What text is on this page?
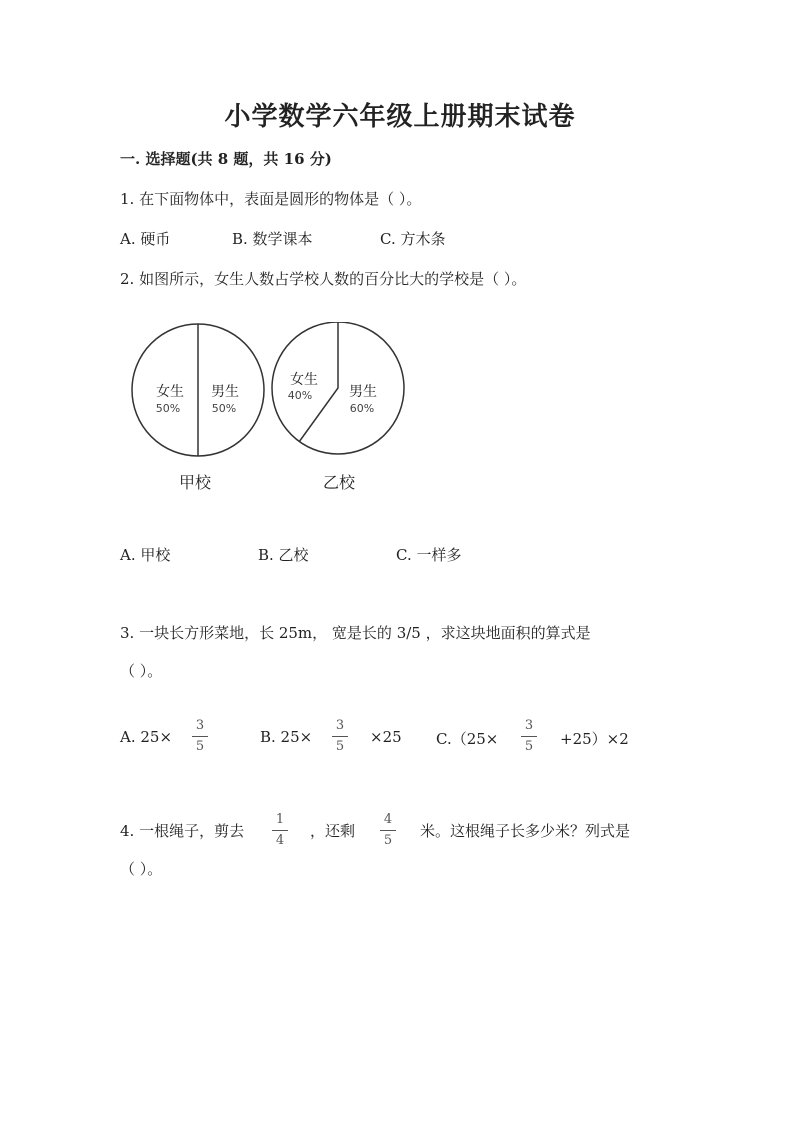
小学数学六年级上册期末试卷
一. 选择题(共 8 题，共 16 分)
1. 在下面物体中，表面是圆形的物体是（ ）。
A. 硬币	B. 数学课本	C. 方木条
2. 如图所示，女生人数占学校人数的百分比大的学校是（ ）。
女生
50%
男生
50%
甲校
女生
40%	男生
60%
乙校
A. 甲校	B. 乙校	C. 一样多
3. 一块长方形菜地，长 25m， 宽是长的 3/5 ，求这块地面积的算式是
（ ）。
A. 25×
3
5
B. 25×
3
5
×25 C.（25×
3
5 +25）×2
4. 一根绳子，剪去
1
4
，还剩
4
5
米。这根绳子长多少米？列式是
（ ）。
